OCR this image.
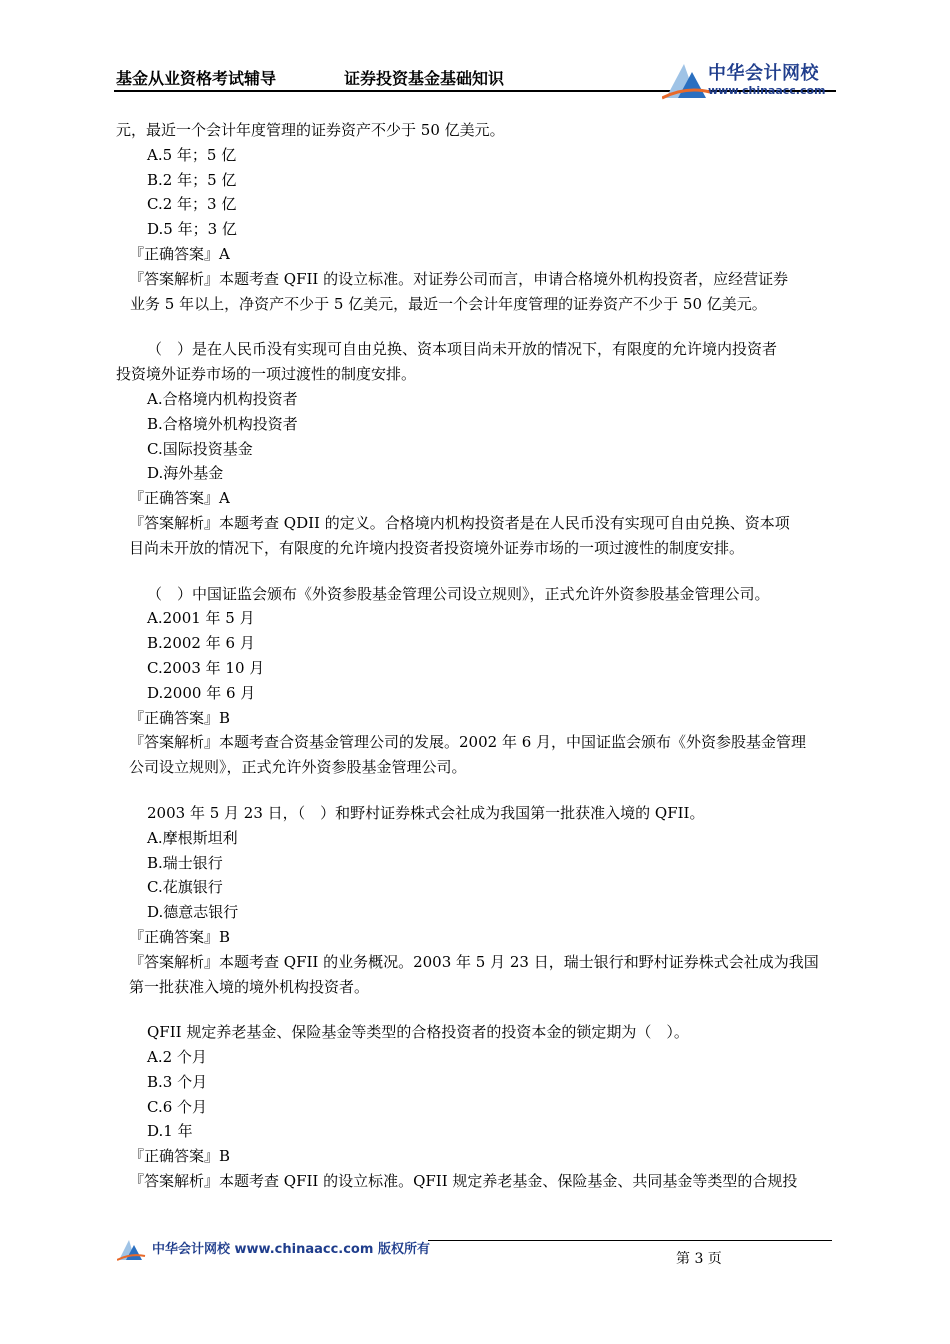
基金从业资格考试辅导	证券投资基金基础知识	中华会计网校
www.chinaacc.com
元，最近一个会计年度管理的证券资产不少于 50 亿美元。
A.5 年；5 亿
B.2 年；5 亿
C.2 年；3 亿
D.5 年；3 亿
『正确答案』A
『答案解析』本题考查 QFII 的设立标准。对证券公司而言，申请合格境外机构投资者，应经营证券
业务 5 年以上，净资产不少于 5 亿美元，最近一个会计年度管理的证券资产不少于 50 亿美元。
（　）是在人民币没有实现可自由兑换、资本项目尚未开放的情况下，有限度的允许境内投资者
投资境外证券市场的一项过渡性的制度安排。
A.合格境内机构投资者
B.合格境外机构投资者
C.国际投资基金
D.海外基金
『正确答案』A
『答案解析』本题考查 QDII 的定义。合格境内机构投资者是在人民币没有实现可自由兑换、资本项
目尚未开放的情况下，有限度的允许境内投资者投资境外证券市场的一项过渡性的制度安排。
（　）中国证监会颁布《外资参股基金管理公司设立规则》，正式允许外资参股基金管理公司。
A.2001 年 5 月
B.2002 年 6 月
C.2003 年 10 月
D.2000 年 6 月
『正确答案』B
『答案解析』本题考查合资基金管理公司的发展。2002 年 6 月，中国证监会颁布《外资参股基金管理
公司设立规则》，正式允许外资参股基金管理公司。
2003 年 5 月 23 日，（　）和野村证券株式会社成为我国第一批获准入境的 QFII。
A.摩根斯坦利
B.瑞士银行
C.花旗银行
D.德意志银行
『正确答案』B
『答案解析』本题考查 QFII 的业务概况。2003 年 5 月 23 日，瑞士银行和野村证券株式会社成为我国
第一批获准入境的境外机构投资者。
QFII 规定养老基金、保险基金等类型的合格投资者的投资本金的锁定期为（　）。
A.2 个月
B.3 个月
C.6 个月
D.1 年
『正确答案』B
『答案解析』本题考查 QFII 的设立标准。QFII 规定养老基金、保险基金、共同基金等类型的合规投
中华会计网校 www.chinaacc.com 版权所有
第 3 页
